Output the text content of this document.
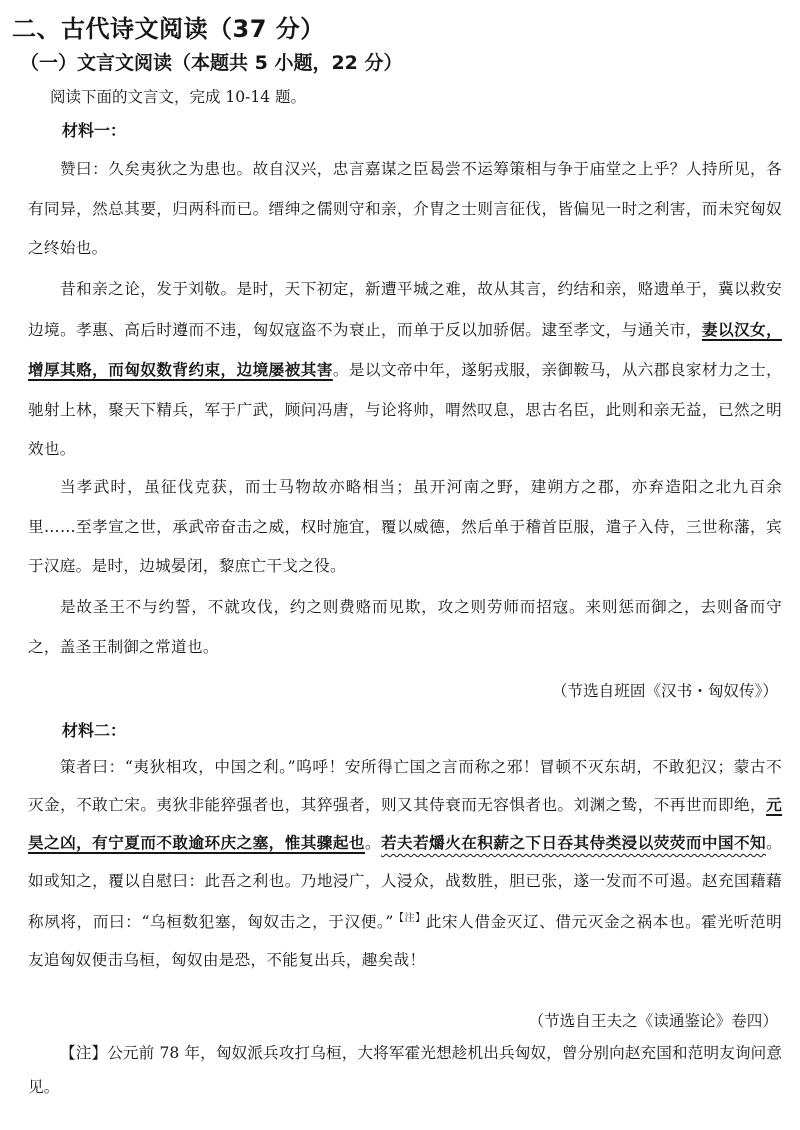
二、古代诗文阅读（37 分）
（一）文言文阅读（本题共 5 小题，22 分）
阅读下面的文言文，完成 10-14 题。
材料一：
赞曰：久矣夷狄之为患也。故自汉兴，忠言嘉谋之臣曷尝不运筹策相与争于庙堂之上乎？人持所见，各有同异，然总其要，归两科而已。缙绅之儒则守和亲，介胄之士则言征伐，皆偏见一时之利害，而未究匈奴之终始也。
昔和亲之论，发于刘敬。是时，天下初定，新遭平城之难，故从其言，约结和亲，赂遗单于，冀以救安边境。孝惠、高后时遵而不违，匈奴寇盗不为衰止，而单于反以加骄倨。逮至孝文，与通关市，妻以汉女，增厚其赂，而匈奴数背约束，边境屡被其害。是以文帝中年，遂躬戎服，亲御鞍马，从六郡良家材力之士，驰射上林，聚天下精兵，军于广武，顾问冯唐，与论将帅，喟然叹息，思古名臣，此则和亲无益，已然之明效也。
当孝武时，虽征伐克获，而士马物故亦略相当；虽开河南之野，建朔方之郡，亦弃造阳之北九百余里……至孝宣之世，承武帝奋击之威，权时施宜，覆以威德，然后单于稽首臣服，遣子入侍，三世称藩，宾于汉庭。是时，边城晏闭，黎庶亡干戈之役。
是故圣王不与约誓，不就攻伐，约之则费赂而见欺，攻之则劳师而招寇。来则惩而御之，去则备而守之，盖圣王制御之常道也。
（节选自班固《汉书・匈奴传》）
材料二：
策者曰：“夷狄相攻，中国之利。”呜呼！安所得亡国之言而称之邪！冒顿不灭东胡，不敢犯汉；蒙古不灭金，不敢亡宋。夷狄非能猝强者也，其猝强者，则又其侍衰而无容惧者也。刘渊之鸷，不再世而即绝，元昊之凶，有宁夏而不敢逾环庆之塞，惟其骤起也。若夫若爝火在积薪之下日吞其侍类浸以荧荧而中国不知。如或知之，覆以自慰曰：此吾之利也。乃地浸广，人浸众，战数胜，胆已张，遂一发而不可遏。赵充国藉藉称夙将，而曰：“乌桓数犯塞，匈奴击之，于汉便。”$^{【注】}$此宋人借金灭辽、借元灭金之祸本也。霍光听范明友追匈奴便击乌桓，匈奴由是恐，不能复出兵，趣矣哉！
（节选自王夫之《读通鉴论》卷四）
【注】公元前 78 年，匈奴派兵攻打乌桓，大将军霍光想趁机出兵匈奴，曾分别向赵充国和范明友询问意见。
